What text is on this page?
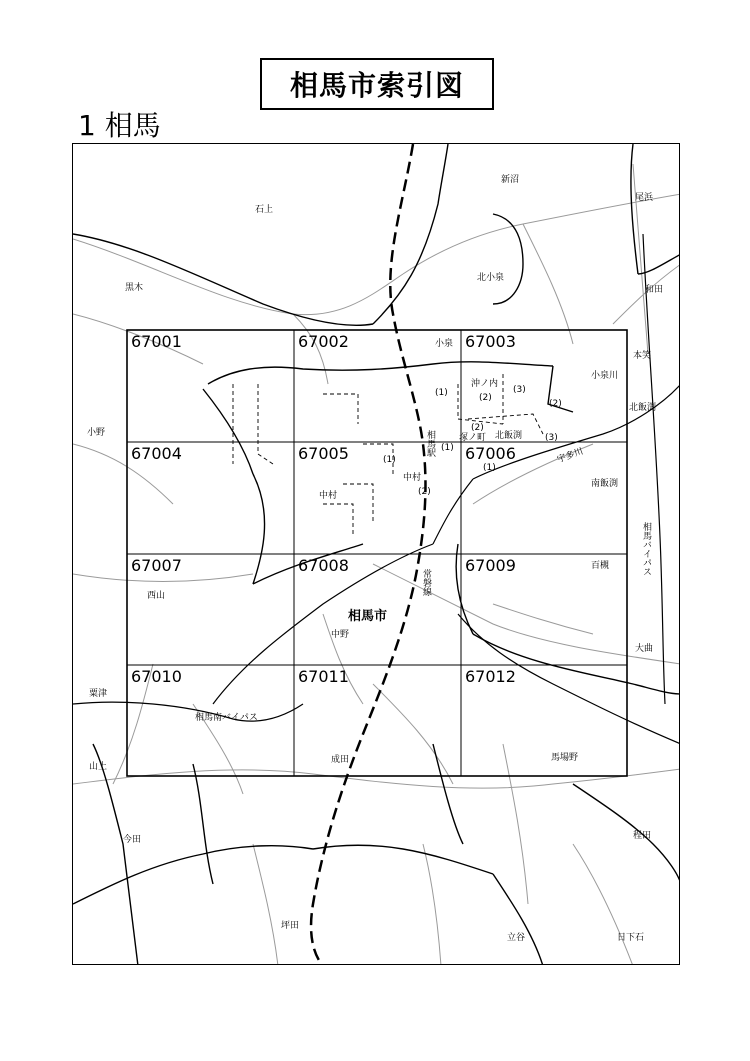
相馬市索引図
1 相馬
67001	67002	67003
67004	67005	67006
67007	67008	67009
67010	67011	67012
新沼
石上
尾浜
和田
北小泉
黒木
小泉
本笑
小泉川
北飯渕
小野
沖ノ内
(1)	(2)
(3)
(2)
(2)
塚ノ町 北飯渕	(3)
(1)
(1)
(1)
宇多川
南飯渕
相馬駅
中村
(2)
中村
西山
相馬市
中野
常磐線
百槻	相馬バイパス
大曲
粟津
相馬南バイパス
山上
成田	馬場野
今田	程田
坪田
立谷	日下石
